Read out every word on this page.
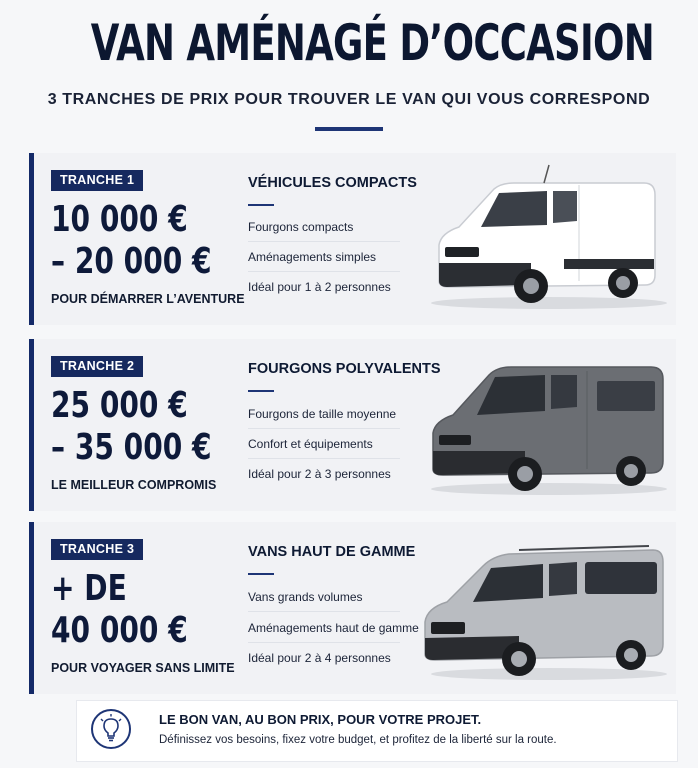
VAN AMÉNAGÉ D’OCCASION
3 TRANCHES DE PRIX POUR TROUVER LE VAN QUI VOUS CORRESPOND
TRANCHE 1
10 000 €
– 20 000 €
POUR DÉMARRER L’AVENTURE
VÉHICULES COMPACTS
Fourgons compacts
Aménagements simples
Idéal pour 1 à 2 personnes
TRANCHE 2
25 000 €
– 35 000 €
LE MEILLEUR COMPROMIS
FOURGONS POLYVALENTS
Fourgons de taille moyenne
Confort et équipements
Idéal pour 2 à 3 personnes
TRANCHE 3
+ DE
40 000 €
POUR VOYAGER SANS LIMITE
VANS HAUT DE GAMME
Vans grands volumes
Aménagements haut de gamme
Idéal pour 2 à 4 personnes
LE BON VAN, AU BON PRIX, POUR VOTRE PROJET.
Définissez vos besoins, fixez votre budget, et profitez de la liberté sur la route.
